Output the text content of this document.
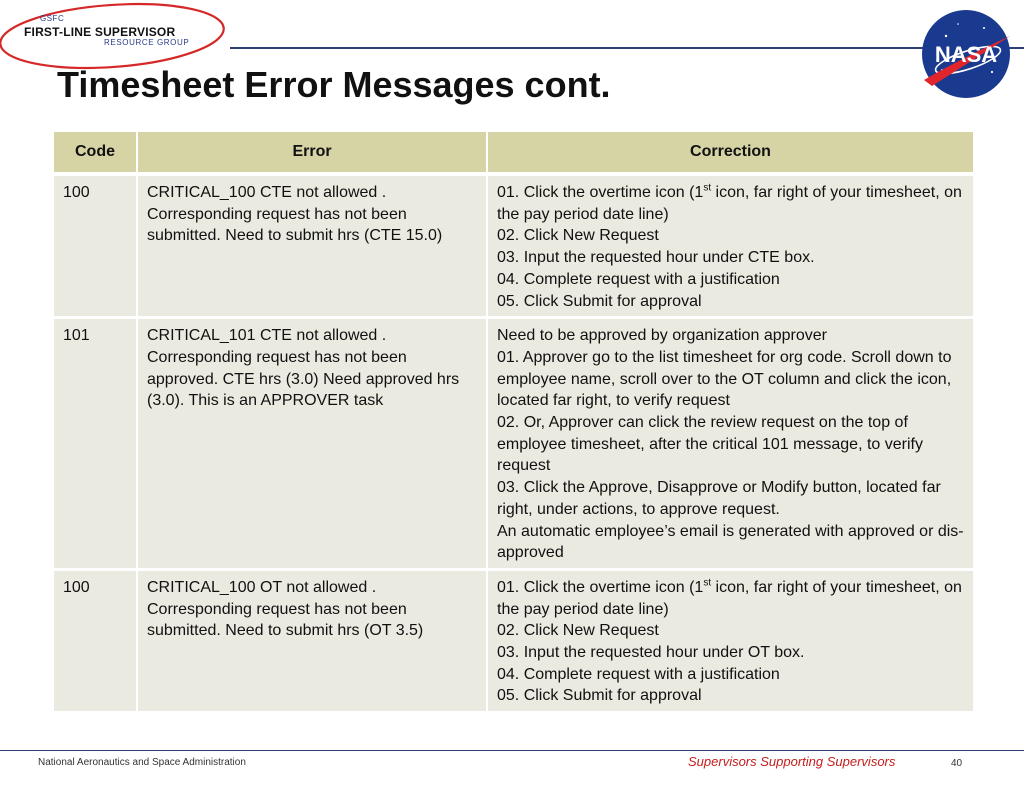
GSFC
FIRST-LINE SUPERVISOR
RESOURCE GROUP
Timesheet Error Messages cont.
NASA
Code	Error	Correction
100	CRITICAL_100 CTE not allowed . Corresponding request has not been submitted. Need to submit hrs (CTE 15.0)	01. Click the overtime icon (1st icon, far right of your timesheet, on the pay period date line)
02. Click New Request
03. Input the requested hour under CTE box.
04. Complete request with a justification
05. Click Submit for approval

101	CRITICAL_101 CTE not allowed . Corresponding request has not been approved. CTE hrs (3.0) Need approved hrs (3.0). This is an APPROVER task	Need to be approved by organization approver
01. Approver go to the list timesheet for org code. Scroll down to employee name, scroll over to the OT column and click the icon, located far right, to verify request
02. Or, Approver can click the review request on the top of employee timesheet, after the critical 101 message, to verify request
03. Click the Approve, Disapprove or Modify button, located far right, under actions, to approve request.
An automatic employee’s email is generated with approved or dis-approved

100	CRITICAL_100 OT not allowed . Corresponding request has not been submitted. Need to submit hrs (OT 3.5)	01. Click the overtime icon (1st icon, far right of your timesheet, on the pay period date line)
02. Click New Request
03. Input the requested hour under OT box.
04. Complete request with a justification
05. Click Submit for approval
National Aeronautics and Space Administration	Supervisors Supporting Supervisors	40
